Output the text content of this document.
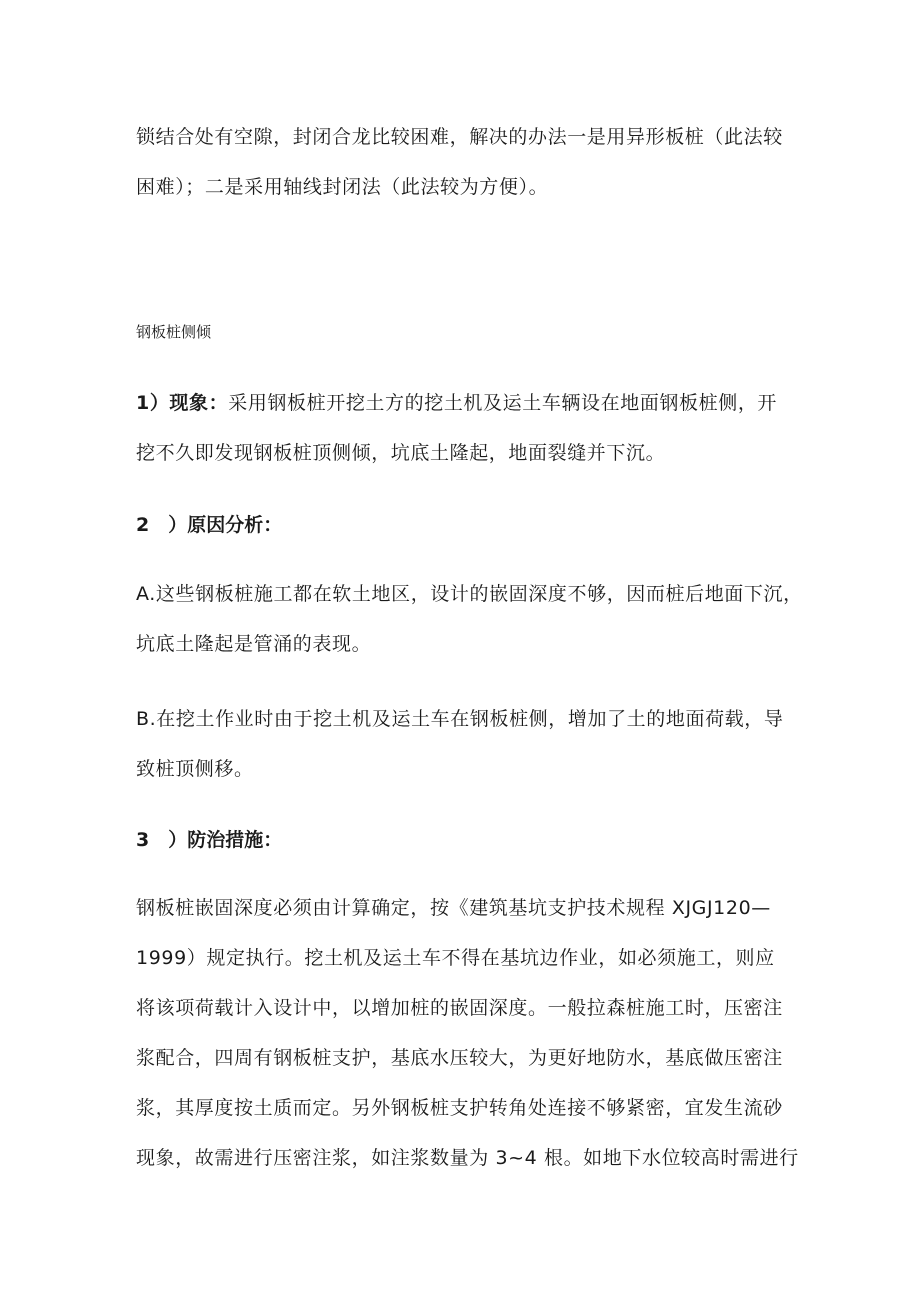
锁结合处有空隙，封闭合龙比较困难，解决的办法一是用异形板桩（此法较
困难）；二是采用轴线封闭法（此法较为方便）。

钢板桩侧倾

1）现象：采用钢板桩开挖土方的挖土机及运土车辆设在地面钢板桩侧，开
挖不久即发现钢板桩顶侧倾，坑底土隆起，地面裂缝并下沉。

2　）原因分析：

A.这些钢板桩施工都在软土地区，设计的嵌固深度不够，因而桩后地面下沉，
坑底土隆起是管涌的表现。

B.在挖土作业时由于挖土机及运土车在钢板桩侧，增加了土的地面荷载，导
致桩顶侧移。

3　）防治措施：

钢板桩嵌固深度必须由计算确定，按《建筑基坑支护技术规程 XJGJ120—
1999）规定执行。挖土机及运土车不得在基坑边作业，如必须施工，则应
将该项荷载计入设计中，以增加桩的嵌固深度。一般拉森桩施工时，压密注
浆配合，四周有钢板桩支护，基底水压较大，为更好地防水，基底做压密注
浆，其厚度按土质而定。另外钢板桩支护转角处连接不够紧密，宜发生流砂
现象，故需进行压密注浆，如注浆数量为 3~4 根。如地下水位较高时需进行
